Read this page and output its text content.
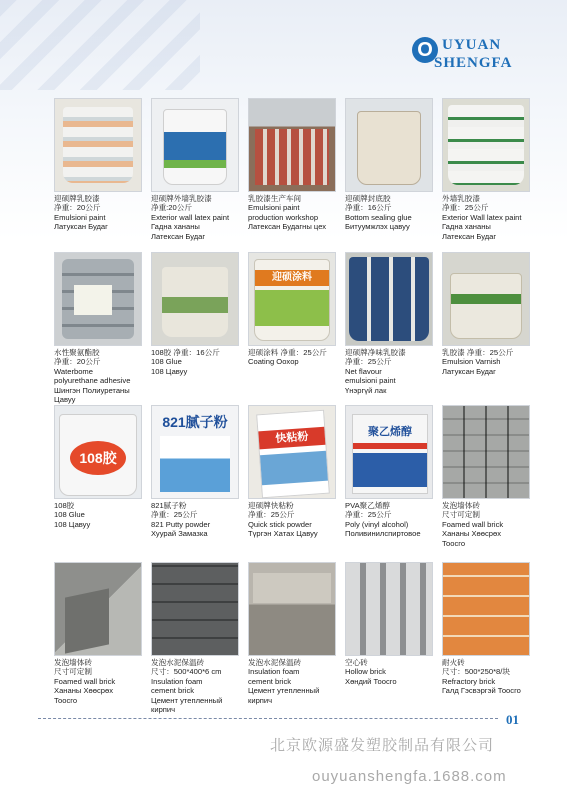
O UYUAN
SHENGFA
迎硕牌乳胶漆
净重：20公斤
Emulsioni paint
Латуксан Будаг
迎硕牌外墙乳胶漆
净重:20公斤
Exterior wall latex paint
Гадна хананы
Латексан Будаг
乳胶漆生产车间
Emulsioni paint
production workshop
Латексан Будагны цех
迎硕牌封底胶
净重：16公斤
Bottom sealing glue
Битуумжлэх цавуу
外墙乳胶漆
净重：25公斤
Exterior Wall latex paint
Гадна хананы
Латексан Будаг
水性聚氨酯胶
净重：20公斤
Waterbome
polyurethane adhesive
Шингэн Полиуретаны
Цавуу
108胶 净重：16公斤
108 Glue
108 Цавуу
迎硕涂料
迎硕涂料 净重：25公斤
Coating Ооxор
迎硕牌净味乳胶漆
净重：25公斤
Net flavour
emulsioni paint
Үнэргүй лак
乳胶漆 净重：25公斤
Emulsion Varnish
Латуксан Будаг
108胶
108胶
108 Glue
108 Цавуу
821腻子粉
821腻子粉
净重：25公斤
821 Putty powder
Хуурай Замазка
快粘粉
迎硕牌快粘粉
净重：25公斤
Quick stick powder
Түргэн Хатах Цавуу
聚乙烯醇
PVA聚乙烯醇
净重：25公斤
Poly (vinyl alcohol)
Поливинилспиртовое
发泡墙体砖
尺寸可定制
Foamed wall brick
Хананы Хөөсрөх
Тоосго
发泡墙体砖
尺寸可定制
Foamed wall brick
Хананы Хөөсрөх
Тоосго
发泡水泥保温砖
尺寸：500*400*6 cm
Insulation foam
cement brick
Цемент утепленный
кирпич
发泡水泥保温砖
Insulation foam
cement brick
Цемент утепленный
кирпич
空心砖
Hollow brick
Хөндий Тоосго
耐火砖
尺寸：500*250*8/块
Refractory brick
Галд Гэсвэргэй Тоосго
01
北京欧源盛发塑胶制品有限公司
ouyuanshengfa.1688.com
